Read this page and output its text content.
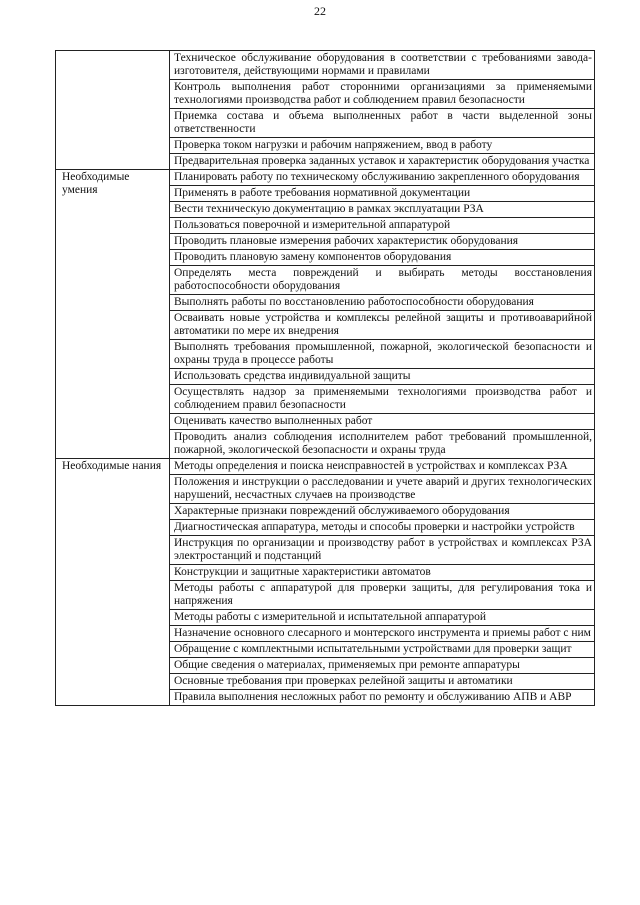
22
	Техническое обслуживание оборудования в соответствии с требованиями завода-изготовителя, действующими нормами и правилами
	Контроль выполнения работ сторонними организациями за применяемыми технологиями производства работ и соблюдением правил безопасности
	Приемка состава и объема выполненных работ в части выделенной зоны ответственности
	Проверка током нагрузки и рабочим напряжением, ввод в работу
	Предварительная проверка заданных уставок и характеристик оборудования участка
Необходимые умения	Планировать работу по техническому обслуживанию закрепленного оборудования
	Применять в работе требования нормативной документации
	Вести техническую документацию в рамках эксплуатации РЗА
	Пользоваться поверочной и измерительной аппаратурой
	Проводить плановые измерения рабочих характеристик оборудования
	Проводить плановую замену компонентов оборудования
	Определять места повреждений и выбирать методы восстановления работоспособности оборудования
	Выполнять работы по восстановлению работоспособности оборудования
	Осваивать новые устройства и комплексы релейной защиты и противоаварийной автоматики по мере их внедрения
	Выполнять требования промышленной, пожарной, экологической безопасности и охраны труда в процессе работы
	Использовать средства индивидуальной защиты
	Осуществлять надзор за применяемыми технологиями производства работ и соблюдением правил безопасности
	Оценивать качество выполненных работ
	Проводить анализ соблюдения исполнителем работ требований промышленной, пожарной, экологической безопасности и охраны труда
Необходимые нания	Методы определения и поиска неисправностей в устройствах и комплексах РЗА
	Положения и инструкции о расследовании и учете аварий и других технологических нарушений, несчастных случаев на производстве
	Характерные признаки повреждений обслуживаемого оборудования
	Диагностическая аппаратура, методы и способы проверки и настройки устройств
	Инструкция по организации и производству работ в устройствах и комплексах РЗА электростанций и подстанций
	Конструкции и защитные характеристики автоматов
	Методы работы с аппаратурой для проверки защиты, для регулирования тока и напряжения
	Методы работы с измерительной и испытательной аппаратурой
	Назначение основного слесарного и монтерского инструмента и приемы работ с ним
	Обращение с комплектными испытательными устройствами для проверки защит
	Общие сведения о материалах, применяемых при ремонте аппаратуры
	Основные требования при проверках релейной защиты и автоматики
	Правила выполнения несложных работ по ремонту и обслуживанию АПВ и АВР
